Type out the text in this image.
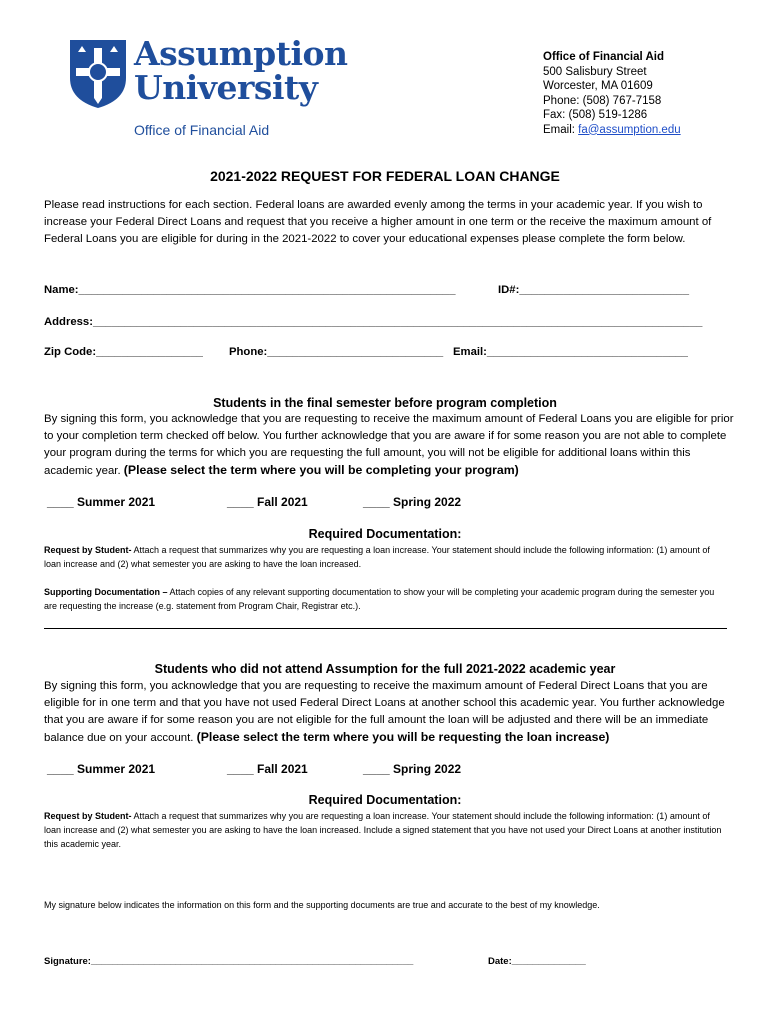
Assumption
University
Office of Financial Aid
Office of Financial Aid
500 Salisbury Street
Worcester, MA 01609
Phone: (508) 767-7158
Fax: (508) 519-1286
Email: fa@assumption.edu
2021-2022 REQUEST FOR FEDERAL LOAN CHANGE
Please read instructions for each section. Federal loans are awarded evenly among the terms in your academic year. If you wish to increase your Federal Direct Loans and request that you receive a higher amount in one term or the receive the maximum amount of Federal Loans you are eligible for during in the 2021-2022 to cover your educational expenses please complete the form below.
Name:____________________________________________________________	ID#:___________________________
Address:_________________________________________________________________________________________________
Zip Code:_________________ Phone:____________________________ Email:________________________________
Students in the final semester before program completion
By signing this form, you acknowledge that you are requesting to receive the maximum amount of Federal Loans you are eligible for prior to your completion term checked off below. You further acknowledge that you are aware if for some reason you are not able to complete your program during the terms for which you are requesting the full amount, you will not be eligible for additional loans within this academic year. (Please select the term where you will be completing your program)
____ Summer 2021	____ Fall 2021	____ Spring 2022
Required Documentation:
Request by Student- Attach a request that summarizes why you are requesting a loan increase. Your statement should include the following information: (1) amount of loan increase and (2) what semester you are asking to have the loan increased.
Supporting Documentation – Attach copies of any relevant supporting documentation to show your will be completing your academic program during the semester you are requesting the increase (e.g. statement from Program Chair, Registrar etc.).
Students who did not attend Assumption for the full 2021-2022 academic year
By signing this form, you acknowledge that you are requesting to receive the maximum amount of Federal Direct Loans that you are eligible for in one term and that you have not used Federal Direct Loans at another school this academic year. You further acknowledge that you are aware if for some reason you are not eligible for the full amount the loan will be adjusted and there will be an immediate balance due on your account. (Please select the term where you will be requesting the loan increase)
____ Summer 2021	____ Fall 2021	____ Spring 2022
Required Documentation:
Request by Student- Attach a request that summarizes why you are requesting a loan increase. Your statement should include the following information: (1) amount of loan increase and (2) what semester you are asking to have the loan increased. Include a signed statement that you have not used your Direct Loans at another institution this academic year.
My signature below indicates the information on this form and the supporting documents are true and accurate to the best of my knowledge.
Signature:_____________________________________________________________	Date:______________
